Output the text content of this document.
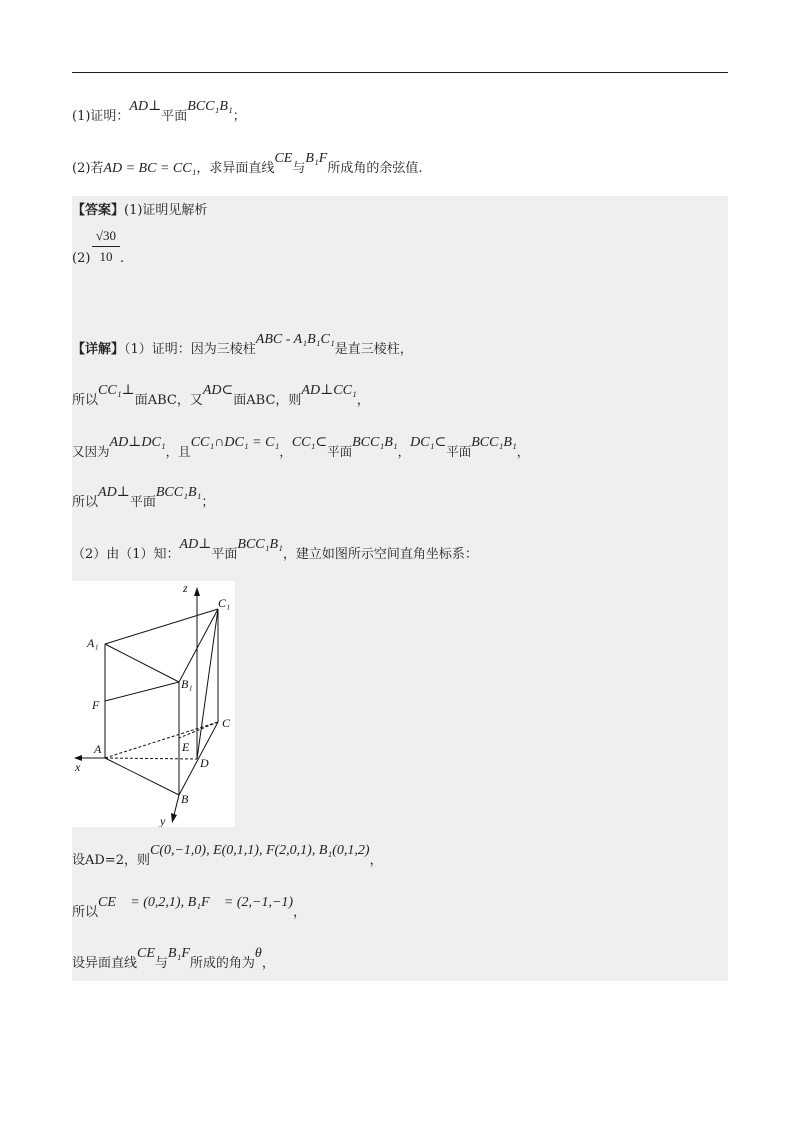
(1)证明：AD⊥平面BCC₁B₁；
(2)若AD = BC = CC₁，求异面直线CE与B₁F所成角的余弦值.
【答案】(1)证明见解析
$(2) \frac{√30}{10}$ .
【详解】（1）证明：因为三棱柱ABC - A₁B₁C₁是直三棱柱，
所以CC₁⊥面ABC，又AD⊂面ABC，则AD⊥CC₁，
又因为AD⊥DC₁，且CC₁∩DC₁ = C₁，CC₁⊂平面BCC₁B₁，DC₁⊂平面BCC₁B₁，
所以AD⊥平面BCC₁B₁；
（2）由（1）知：AD⊥平面BCC₁B₁，建立如图所示空间直角坐标系：
z
C₁
A₁
B₁
F
C
E
A
D
x
B
y
设AD=2，则C(0,−1,0), E(0,1,1), F(2,0,1), B₁(0,1,2)，
所以CE⃗ = (0,2,1), B₁F⃗ = (2,−1,−1)，
设异面直线CE与B₁F所成的角为θ，
